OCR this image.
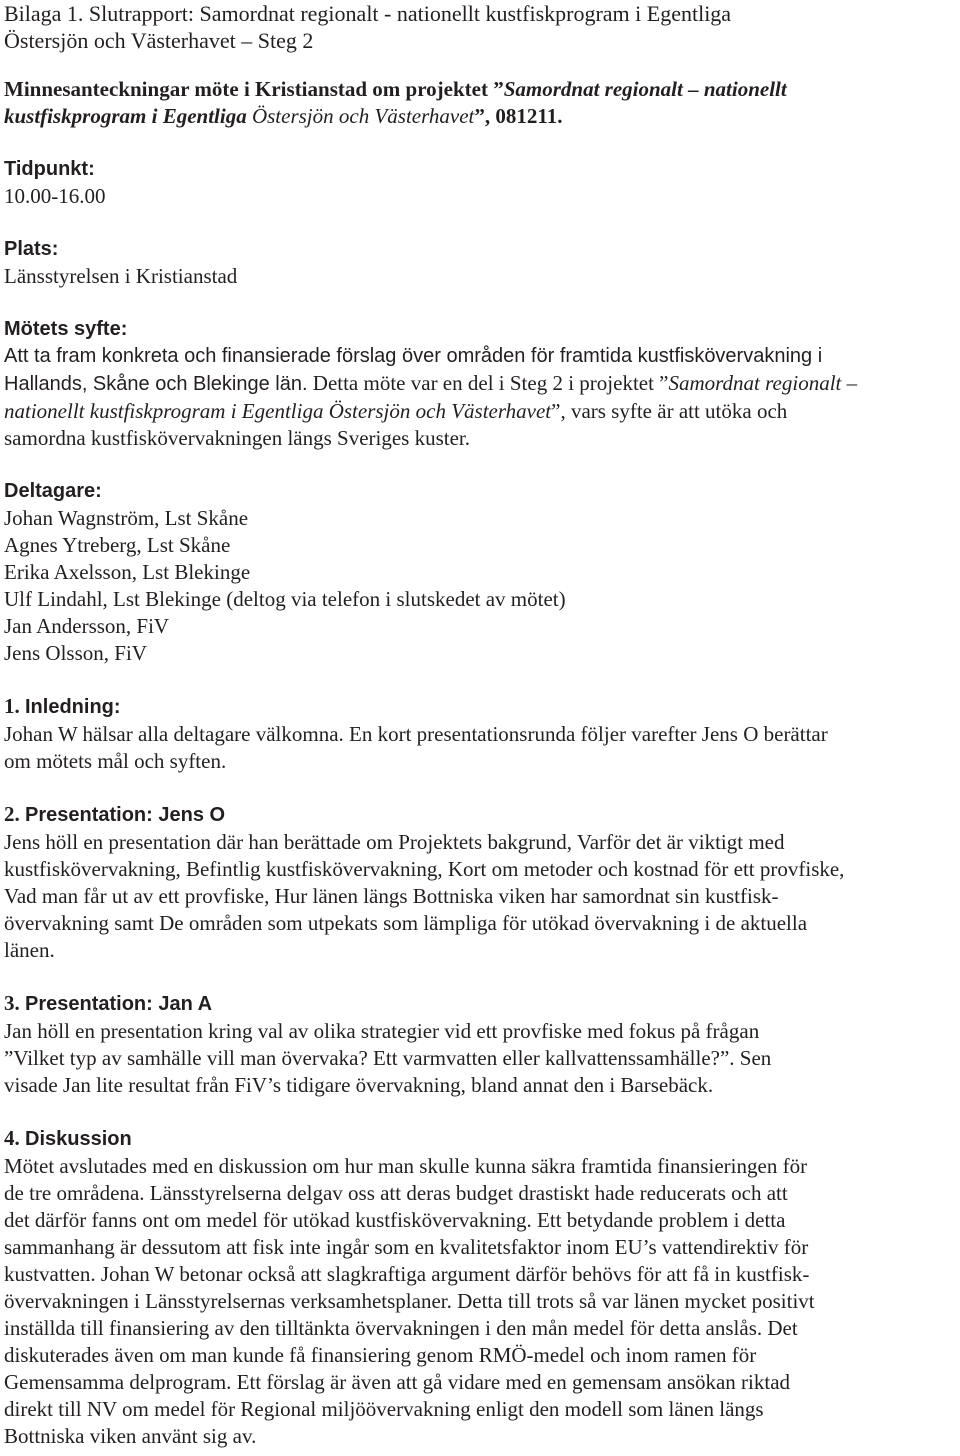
Bilaga 1. Slutrapport: Samordnat regionalt - nationellt kustfiskprogram i Egentliga
Östersjön och Västerhavet – Steg 2
Minnesanteckningar möte i Kristianstad om projektet ”Samordnat regionalt – nationellt
kustfiskprogram i Egentliga Östersjön och Västerhavet”, 081211.
Tidpunkt:
10.00-16.00
Plats:
Länsstyrelsen i Kristianstad
Mötets syfte:
Att ta fram konkreta och finansierade förslag över områden för framtida kustfiskövervakning i
Hallands, Skåne och Blekinge län. Detta möte var en del i Steg 2 i projektet ”Samordnat regionalt –
nationellt kustfiskprogram i Egentliga Östersjön och Västerhavet”, vars syfte är att utöka och
samordna kustfiskövervakningen längs Sveriges kuster.
Deltagare:
Johan Wagnström, Lst Skåne
Agnes Ytreberg, Lst Skåne
Erika Axelsson, Lst Blekinge
Ulf Lindahl, Lst Blekinge (deltog via telefon i slutskedet av mötet)
Jan Andersson, FiV
Jens Olsson, FiV
1. Inledning:
Johan W hälsar alla deltagare välkomna. En kort presentationsrunda följer varefter Jens O berättar
om mötets mål och syften.
2. Presentation: Jens O
Jens höll en presentation där han berättade om Projektets bakgrund, Varför det är viktigt med
kustfiskövervakning, Befintlig kustfiskövervakning, Kort om metoder och kostnad för ett provfiske,
Vad man får ut av ett provfiske, Hur länen längs Bottniska viken har samordnat sin kustfisk-
övervakning samt De områden som utpekats som lämpliga för utökad övervakning i de aktuella
länen.
3. Presentation: Jan A
Jan höll en presentation kring val av olika strategier vid ett provfiske med fokus på frågan
”Vilket typ av samhälle vill man övervaka? Ett varmvatten eller kallvattenssamhälle?”. Sen
visade Jan lite resultat från FiV’s tidigare övervakning, bland annat den i Barsebäck.
4. Diskussion
Mötet avslutades med en diskussion om hur man skulle kunna säkra framtida finansieringen för
de tre områdena. Länsstyrelserna delgav oss att deras budget drastiskt hade reducerats och att
det därför fanns ont om medel för utökad kustfiskövervakning. Ett betydande problem i detta
sammanhang är dessutom att fisk inte ingår som en kvalitetsfaktor inom EU’s vattendirektiv för
kustvatten. Johan W betonar också att slagkraftiga argument därför behövs för att få in kustfisk-
övervakningen i Länsstyrelsernas verksamhetsplaner. Detta till trots så var länen mycket positivt
inställda till finansiering av den tilltänkta övervakningen i den mån medel för detta anslås. Det
diskuterades även om man kunde få finansiering genom RMÖ-medel och inom ramen för
Gemensamma delprogram. Ett förslag är även att gå vidare med en gemensam ansökan riktad
direkt till NV om medel för Regional miljöövervakning enligt den modell som länen längs
Bottniska viken använt sig av.
